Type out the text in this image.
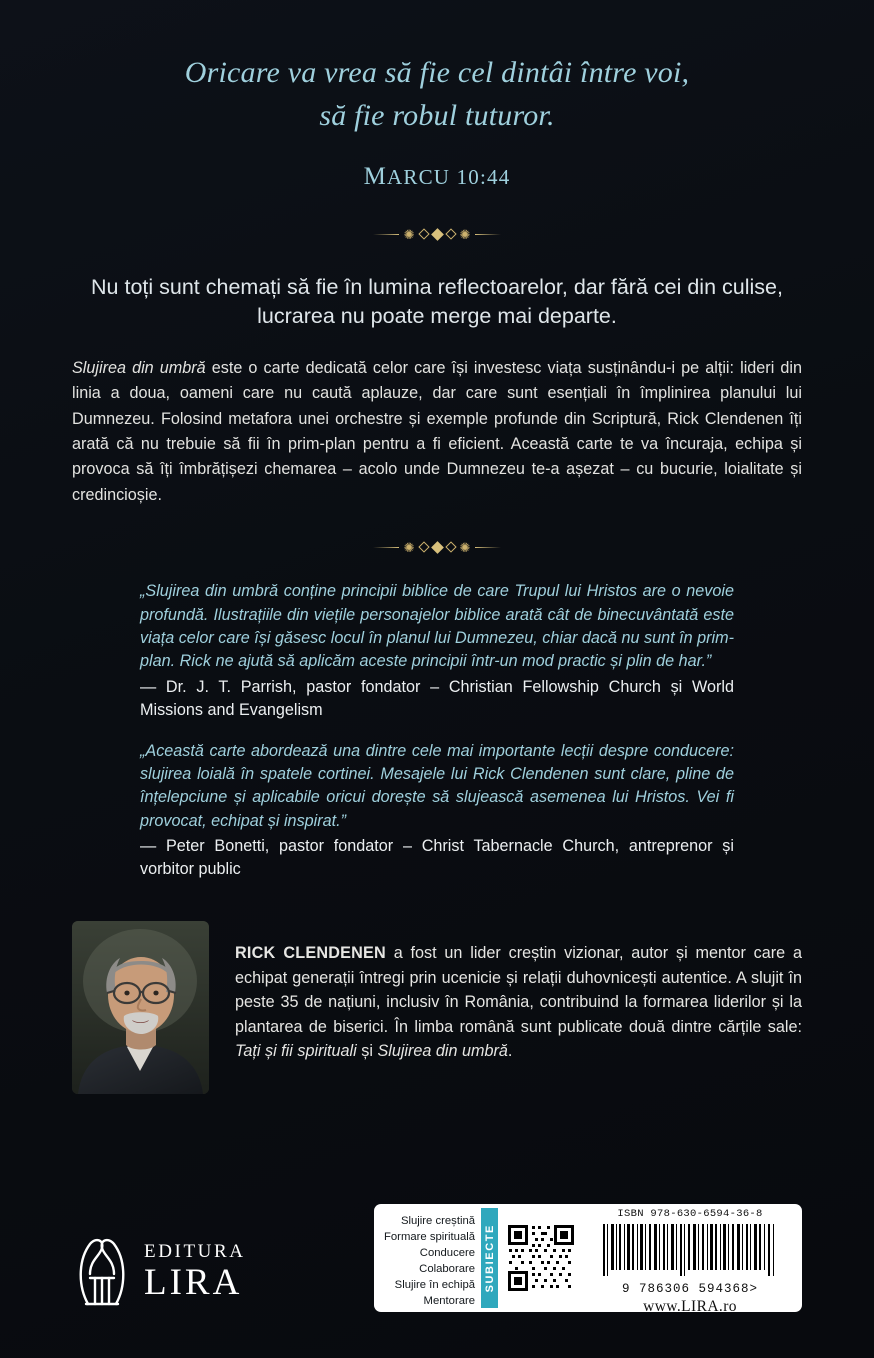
Oricare va vrea să fie cel dintâi între voi,
să fie robul tuturor.
MARCU 10:44
✺	✺

Nu toți sunt chemați să fie în lumina reflectoarelor, dar fără cei din culise, lucrarea nu poate merge mai departe.

Slujirea din umbră este o carte dedicată celor care își investesc viața susținându-i pe alții: lideri din linia a doua, oameni care nu caută aplauze, dar care sunt esențiali în împlinirea planului lui Dumnezeu. Folosind metafora unei orchestre și exemple profunde din Scriptură, Rick Clendenen îți arată că nu trebuie să fii în prim-plan pentru a fi eficient. Această carte te va încuraja, echipa și provoca să îți îmbrățișezi chemarea – acolo unde Dumnezeu te-a așezat – cu bucurie, loialitate și credincioșie.

✺	✺

„Slujirea din umbră conține principii biblice de care Trupul lui Hristos are o nevoie profundă. Ilustrațiile din viețile personajelor biblice arată cât de binecuvântată este viața celor care își găsesc locul în planul lui Dumnezeu, chiar dacă nu sunt în prim-plan. Rick ne ajută să aplicăm aceste principii într-un mod practic și plin de har.”

— Dr. J. T. Parrish, pastor fondator – Christian Fellowship Church și World Missions and Evangelism

„Această carte abordează una dintre cele mai importante lecții despre conducere: slujirea loială în spatele cortinei. Mesajele lui Rick Clendenen sunt clare, pline de înțelepciune și aplicabile oricui dorește să slujească asemenea lui Hristos. Vei fi provocat, echipat și inspirat.”

— Peter Bonetti, pastor fondator – Christ Tabernacle Church, antreprenor și vorbitor public
RICK CLENDENEN a fost un lider creștin vizionar, autor și mentor care a echipat generații întregi prin ucenicie și relații duhovnicești autentice. A slujit în peste 35 de națiuni, inclusiv în România, contribuind la formarea liderilor și la plantarea de biserici. În limba română sunt publicate două dintre cărțile sale: Tați și fii spirituali și Slujirea din umbră.
EDITURA
LIRA
Slujire creștină
Formare spirituală
Conducere
Colaborare
Slujire în echipă
Mentorare
SUBIECTE
ISBN 978-630-6594-36-8
9 786306 594368>
www.LIRA.ro
